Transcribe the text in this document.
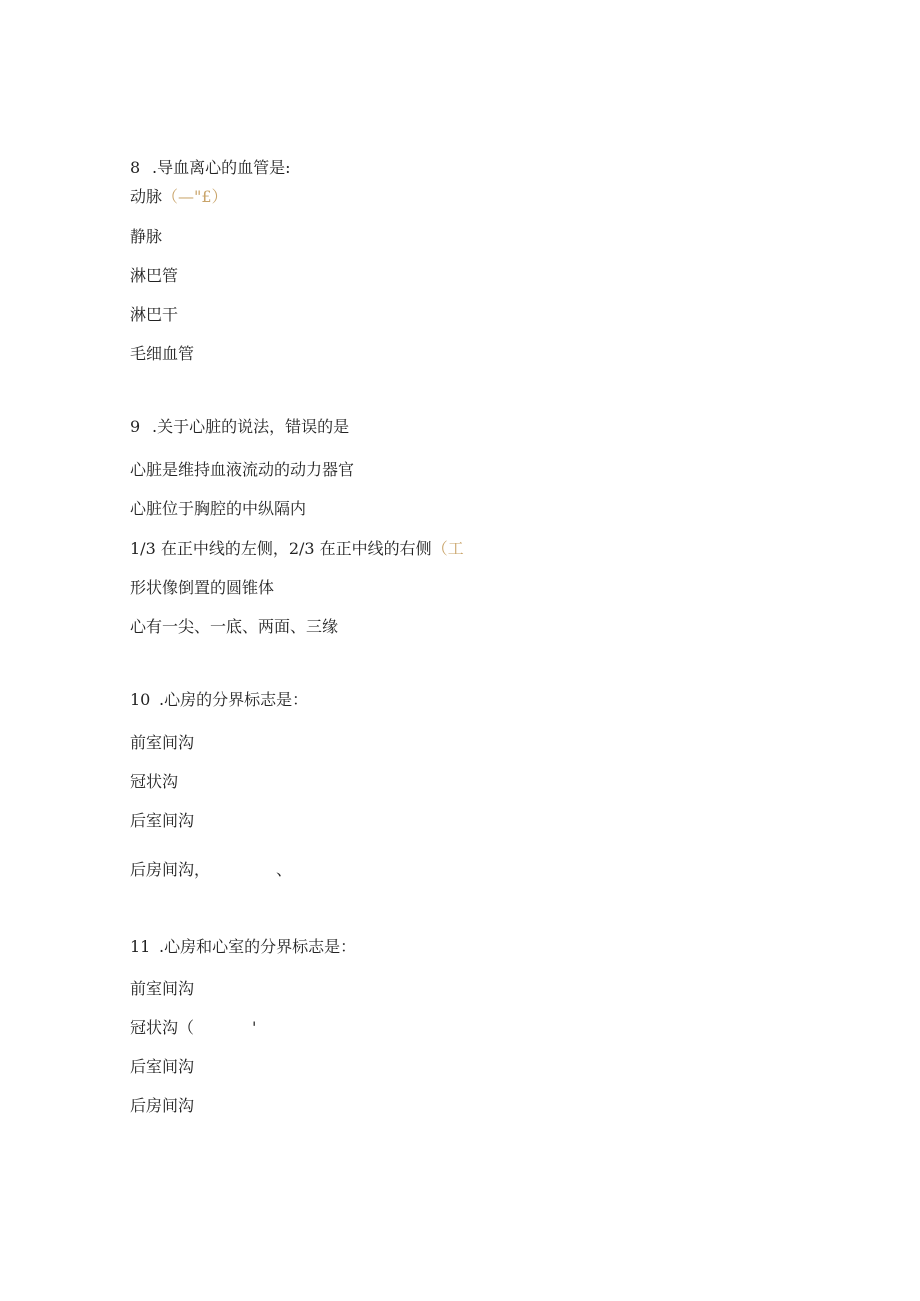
8 .导血离心的血管是:
动脉（—"£）
静脉
淋巴管
淋巴干
毛细血管
9 .关于心脏的说法，错误的是
心脏是维持血液流动的动力器官
心脏位于胸腔的中纵隔内
1/3 在正中线的左侧，2/3 在正中线的右侧（工
形状像倒置的圆锥体
心有一尖、一底、两面、三缘
10 .心房的分界标志是：
前室间沟
冠状沟
后室间沟
后房间沟，	、
11 .心房和心室的分界标志是：
前室间沟
冠状沟（	'
后室间沟
后房间沟
